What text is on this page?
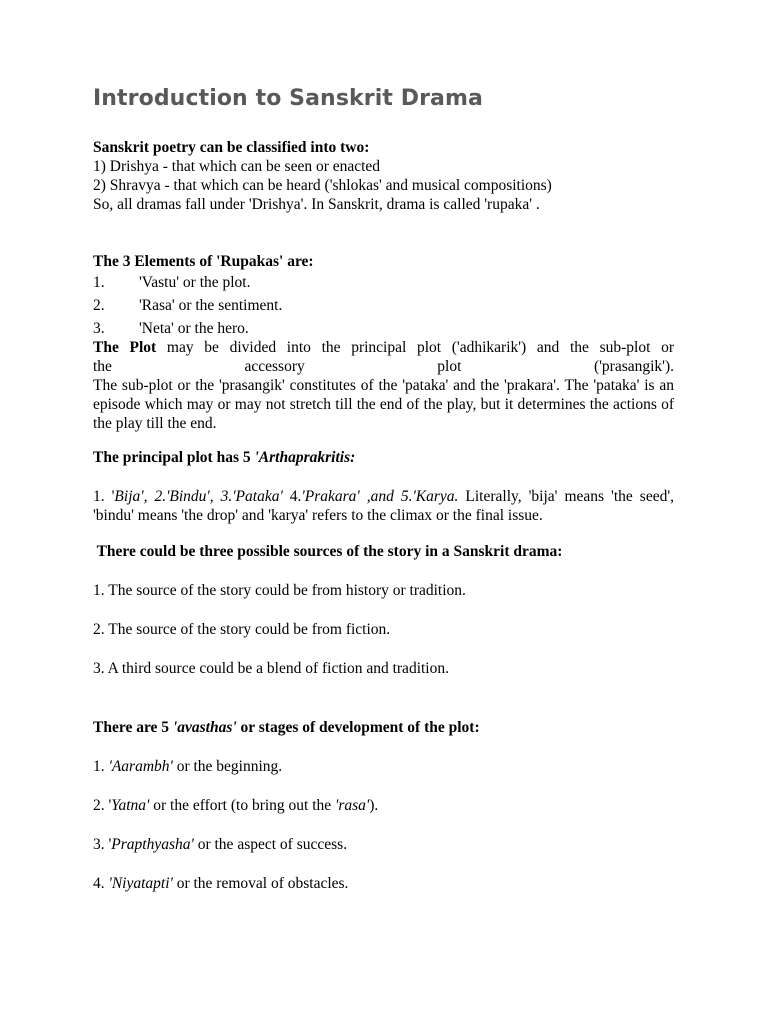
Introduction to Sanskrit Drama

Sanskrit poetry can be classified into two:

1) Drishya - that which can be seen or enacted

2) Shravya - that which can be heard ('shlokas' and musical compositions)

So, all dramas fall under 'Drishya'. In Sanskrit, drama is called 'rupaka' .

The 3 Elements of 'Rupakas' are:

1.	'Vastu' or the plot.
2.	'Rasa' or the sentiment.
3.	'Neta' or the hero.

The Plot may be divided into the principal plot ('adhikarik') and the sub-plot or

the accessory plot ('prasangik').

The sub-plot or the 'prasangik' constitutes of the 'pataka' and the 'prakara'. The 'pataka' is an episode which may or may not stretch till the end of the play, but it determines the actions of the play till the end.

The principal plot has 5 'Arthaprakritis:

1. 'Bija', 2.'Bindu', 3.'Pataka' 4.'Prakara' ,and 5.'Karya. Literally, 'bija' means 'the seed', 'bindu' means 'the drop' and 'karya' refers to the climax or the final issue.

There could be three possible sources of the story in a Sanskrit drama:

1. The source of the story could be from history or tradition.

2. The source of the story could be from fiction.

3. A third source could be a blend of fiction and tradition.

There are 5 'avasthas' or stages of development of the plot:

1. 'Aarambh' or the beginning.

2. 'Yatna' or the effort (to bring out the 'rasa').

3. 'Prapthyasha' or the aspect of success.

4. 'Niyatapti' or the removal of obstacles.
